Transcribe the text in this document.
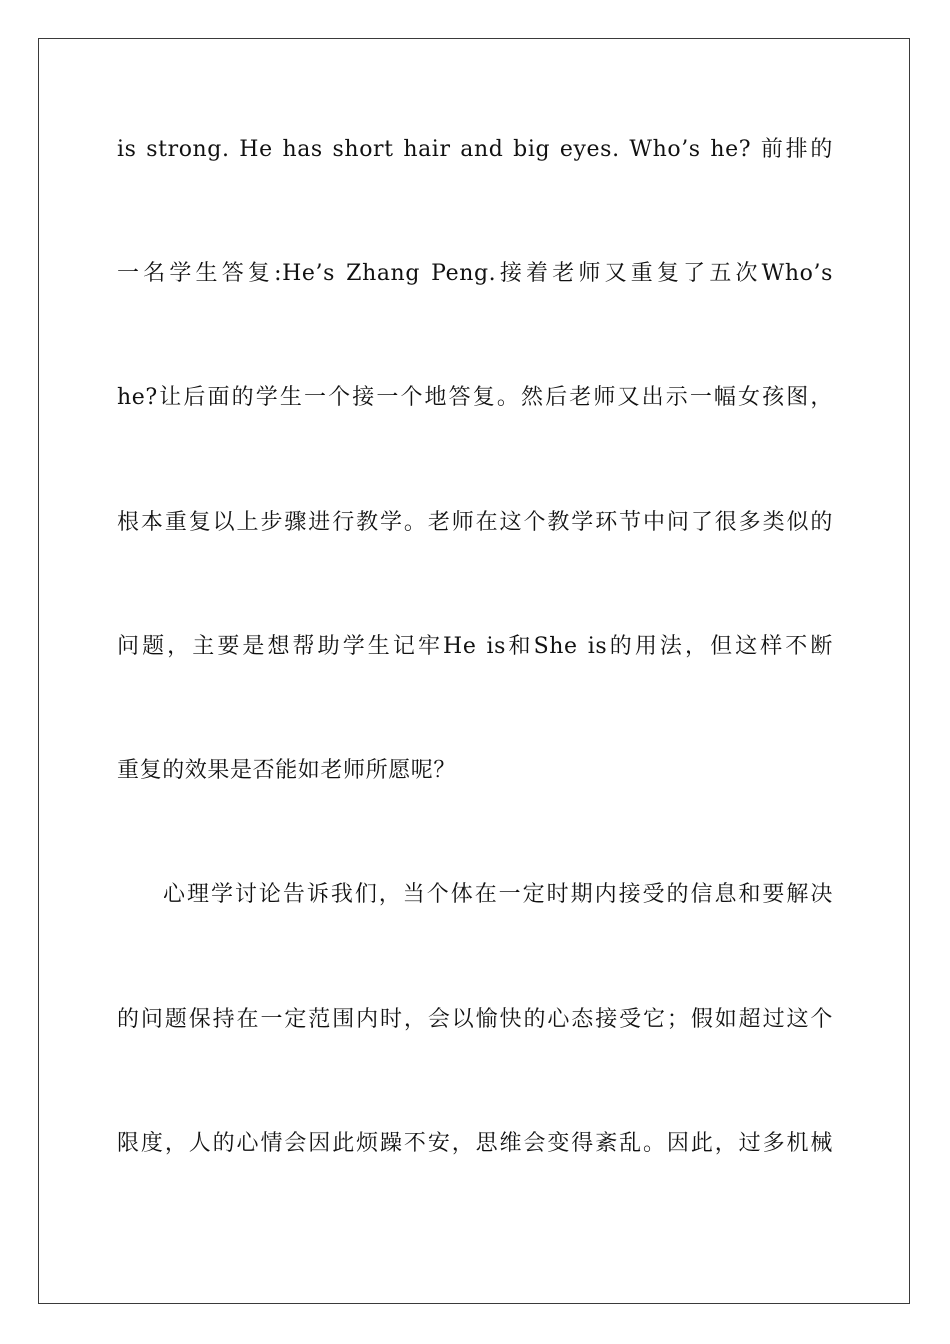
is strong. He has short hair and big eyes. Who’s he? 前排的
一名学生答复:He’s Zhang Peng.接着老师又重复了五次Who’s
he?让后面的学生一个接一个地答复。然后老师又出示一幅女孩图，
根本重复以上步骤进行教学。老师在这个教学环节中问了很多类似的
问题，主要是想帮助学生记牢He is和She is的用法，但这样不断
重复的效果是否能如老师所愿呢？
心理学讨论告诉我们，当个体在一定时期内接受的信息和要解决
的问题保持在一定范围内时，会以愉快的心态接受它；假如超过这个
限度，人的心情会因此烦躁不安，思维会变得紊乱。因此，过多机械
